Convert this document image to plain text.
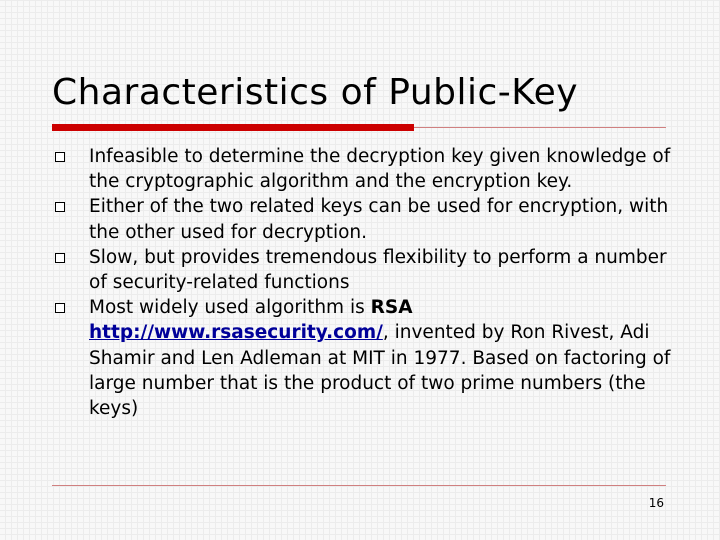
Characteristics of Public-Key
Infeasible to determine the decryption key given knowledge of the cryptographic algorithm and the encryption key.
Either of the two related keys can be used for encryption, with the other used for decryption.
Slow, but provides tremendous flexibility to perform a number of security-related functions
Most widely used algorithm is RSA http://www.rsasecurity.com/, invented by Ron Rivest, Adi Shamir and Len Adleman at MIT in 1977. Based on factoring of large number that is the product of two prime numbers (the keys)
16
